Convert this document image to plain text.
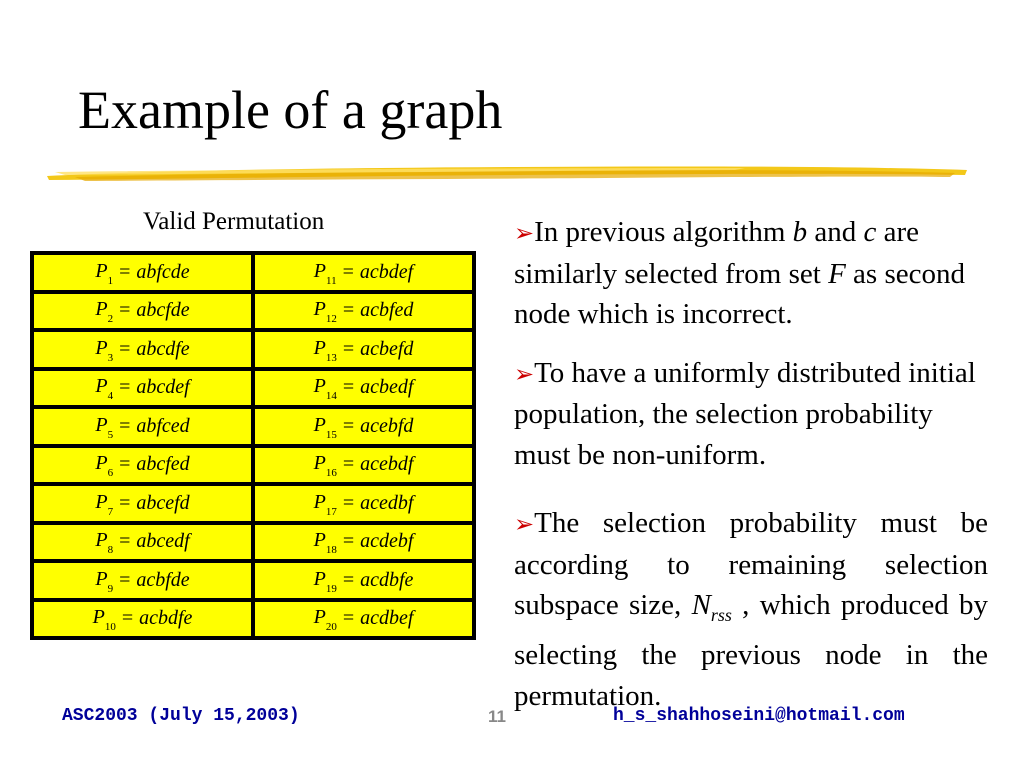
Example of a graph
Valid Permutation
$P_1$ = abfcde	$P_{11}$ = acbdef
$P_2$ = abcfde	$P_{12}$ = acbfed
$P_3$ = abcdfe	$P_{13}$ = acbefd
$P_4$ = abcdef	$P_{14}$ = acbedf
$P_5$ = abfced	$P_{15}$ = acebfd
$P_6$ = abcfed	$P_{16}$ = acebdf
$P_7$ = abcefd	$P_{17}$ = acedbf
$P_8$ = abcedf	$P_{18}$ = acdebf
$P_9$ = acbfde	$P_{19}$ = acdbfe
$P_{10}$ = acbdfe	$P_{20}$ = acdbef

➢In previous algorithm b and c are similarly selected from set F as second node which is incorrect.

➢To have a uniformly distributed initial population, the selection probability must be non-uniform.

➢The selection probability must be according to remaining selection subspace size, $N_{rss}$ , which produced by selecting the previous node in the permutation.

ASC2003 (July 15,2003)	11	h_s_shahhoseini@hotmail.com
